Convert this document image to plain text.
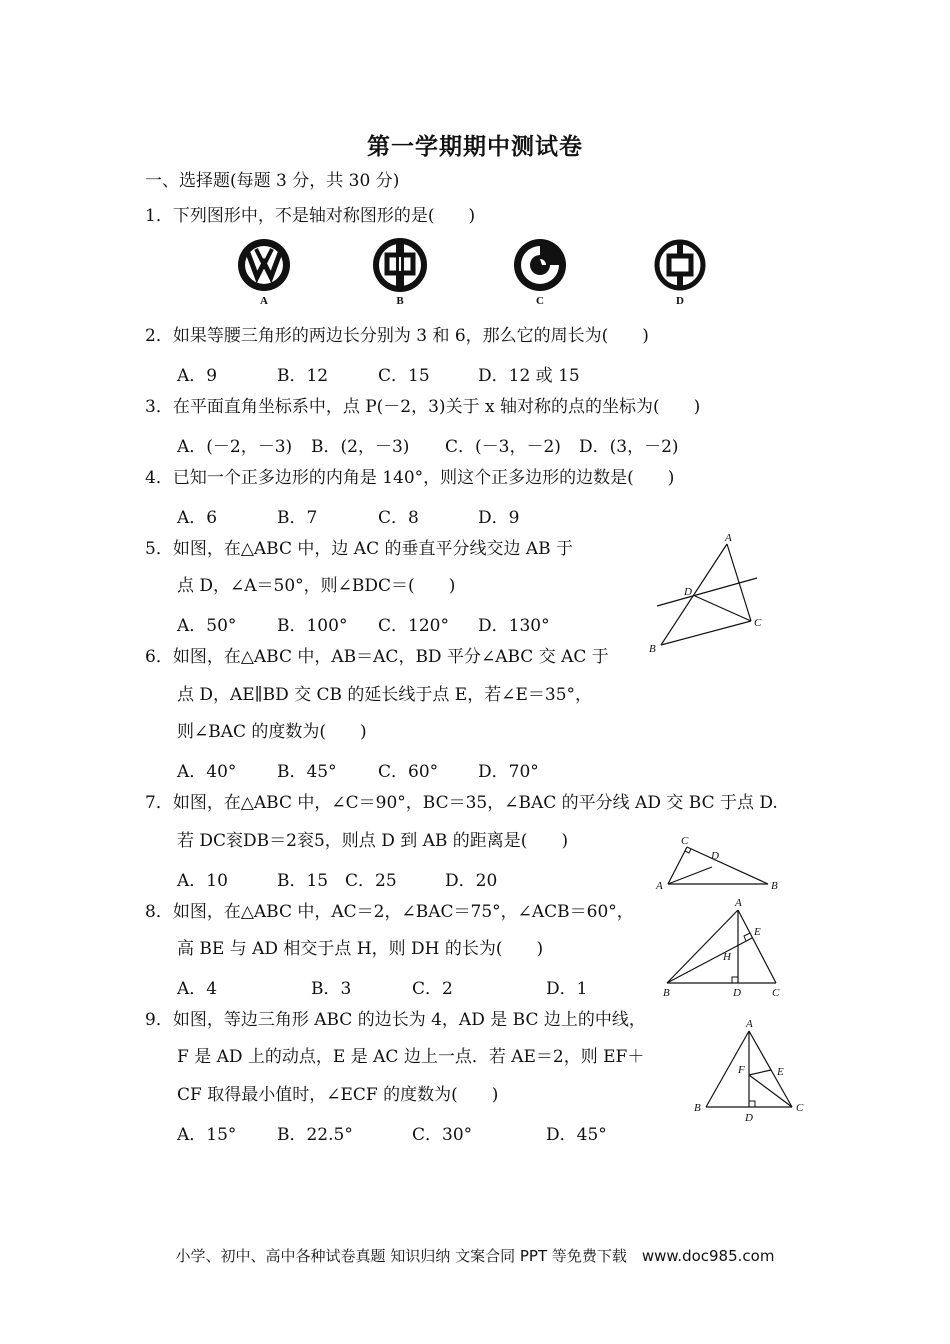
第一学期期中测试卷
一、选择题(每题 3 分，共 30 分)
1．下列图形中，不是轴对称图形的是(　　)
A	B	C	D
2．如果等腰三角形的两边长分别为 3 和 6，那么它的周长为(　　)
A．9	B．12	C．15	D．12 或 15
3．在平面直角坐标系中，点 P(－2，3)关于 x 轴对称的点的坐标为(　　)
A．(－2，－3) B．(2，－3) C．(－3，－2) D．(3，－2)
4．已知一个正多边形的内角是 140°，则这个正多边形的边数是(　　)
A．6	B．7	C．8	D．9
5．如图，在△ABC 中，边 AC 的垂直平分线交边 AB 于
点 D，∠A＝50°，则∠BDC＝(　　)
A．50° B．100° C．120° D．130°
A
D
C
B
6．如图，在△ABC 中，AB＝AC，BD 平分∠ABC 交 AC 于
点 D，AE∥BD 交 CB 的延长线于点 E，若∠E＝35°，
则∠BAC 的度数为(　　)
A．40° B．45° C．60° D．70°
7．如图，在△ABC 中，∠C＝90°，BC＝35，∠BAC 的平分线 AD 交 BC 于点 D.
若 DC衮DB＝2衮5，则点 D 到 AB 的距离是(　　)
A．10	B．15 C．25	D．20
C
D
A	B
8．如图，在△ABC 中，AC＝2，∠BAC＝75°，∠ACB＝60°，
高 BE 与 AD 相交于点 H，则 DH 的长为(　　)
A．4	B．3	C．2	D．1
A
E
H
B	D	C
9．如图，等边三角形 ABC 的边长为 4，AD 是 BC 边上的中线，
F 是 AD 上的动点，E 是 AC 边上一点．若 AE＝2，则 EF＋
CF 取得最小值时，∠ECF 的度数为(　　)
A．15° B．22.5°	C．30°	D．45°
A
F	E
B
D
C
小学、初中、高中各种试卷真题 知识归纳 文案合同 PPT 等免费下载　www.doc985.com
